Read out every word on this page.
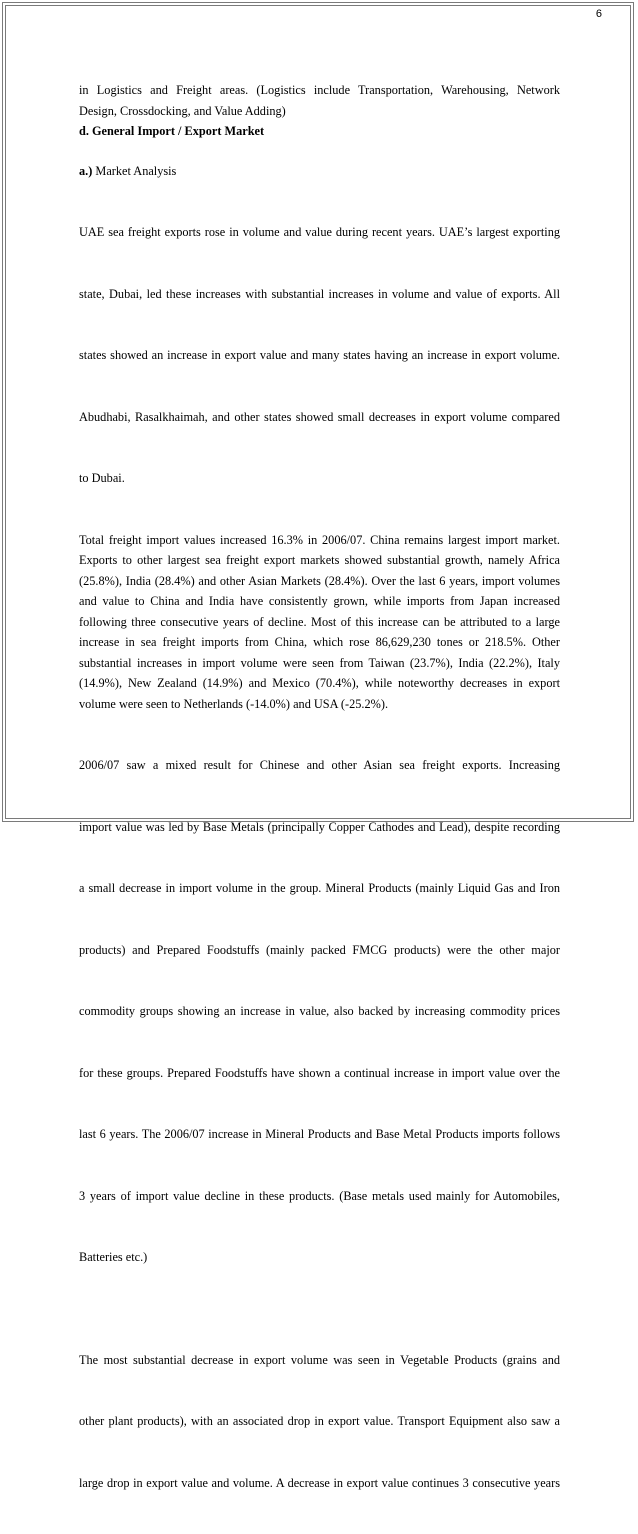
6
in Logistics and Freight areas. (Logistics include Transportation, Warehousing, Network
Design, Crossdocking, and Value Adding)
d. General Import / Export Market
a.) Market Analysis

UAE sea freight exports rose in volume and value during recent years. UAE’s largest exporting

state, Dubai, led these increases with substantial increases in volume and value of exports. All

states showed an increase in export value and many states having an increase in export volume.

Abudhabi, Rasalkhaimah, and other states showed small decreases in export volume compared

to Dubai.

Total freight import values increased 16.3% in 2006/07. China remains largest import market.
Exports to other largest sea freight export markets showed substantial growth, namely Africa
(25.8%), India (28.4%) and other Asian Markets (28.4%). Over the last 6 years, import volumes
and value to China and India have consistently grown, while imports from Japan increased
following three consecutive years of decline. Most of this increase can be attributed to a large
increase in sea freight imports from China, which rose 86,629,230 tones or 218.5%. Other
substantial increases in import volume were seen from Taiwan (23.7%), India (22.2%), Italy
(14.9%), New Zealand (14.9%) and Mexico (70.4%), while noteworthy decreases in export
volume were seen to Netherlands (-14.0%) and USA (-25.2%).

2006/07 saw a mixed result for Chinese and other Asian sea freight exports. Increasing

import value was led by Base Metals (principally Copper Cathodes and Lead), despite recording

a small decrease in import volume in the group. Mineral Products (mainly Liquid Gas and Iron

products) and Prepared Foodstuffs (mainly packed FMCG products) were the other major

commodity groups showing an increase in value, also backed by increasing commodity prices

for these groups. Prepared Foodstuffs have shown a continual increase in import value over the

last 6 years. The 2006/07 increase in Mineral Products and Base Metal Products imports follows

3 years of import value decline in these products. (Base metals used mainly for Automobiles,

Batteries etc.)

The most substantial decrease in export volume was seen in Vegetable Products (grains and

other plant products), with an associated drop in export value. Transport Equipment also saw a

large drop in export value and volume. A decrease in export value continues 3 consecutive years
